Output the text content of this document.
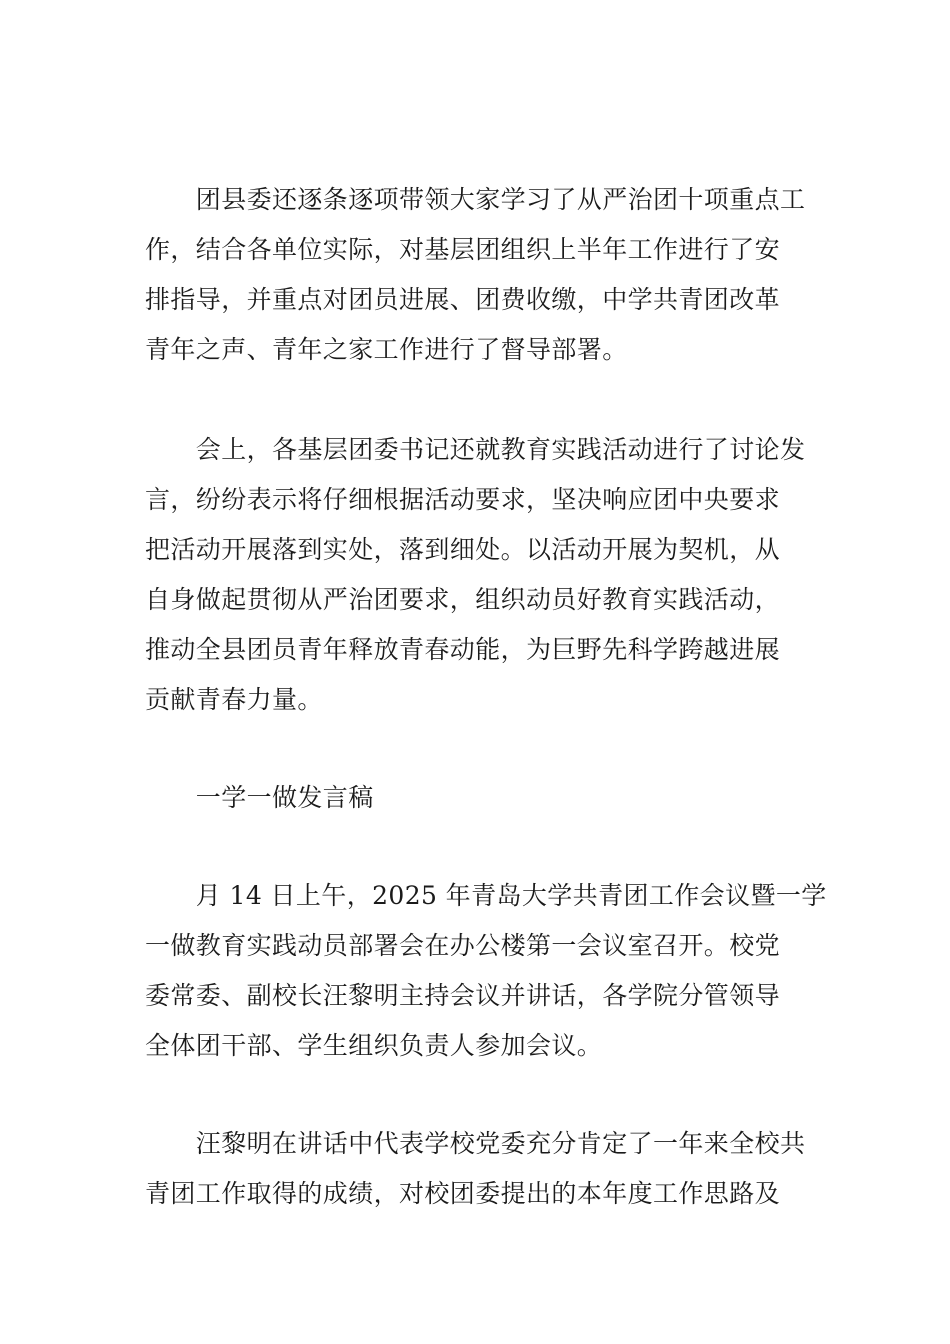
　　团县委还逐条逐项带领大家学习了从严治团十项重点工
作，结合各单位实际，对基层团组织上半年工作进行了安
排指导，并重点对团员进展、团费收缴，中学共青团改革
青年之声、青年之家工作进行了督导部署。

　　会上，各基层团委书记还就教育实践活动进行了讨论发
言，纷纷表示将仔细根据活动要求，坚决响应团中央要求
把活动开展落到实处，落到细处。以活动开展为契机，从
自身做起贯彻从严治团要求，组织动员好教育实践活动，
推动全县团员青年释放青春动能，为巨野先科学跨越进展
贡献青春力量。

　　一学一做发言稿

　　月 14 日上午，2025 年青岛大学共青团工作会议暨一学
一做教育实践动员部署会在办公楼第一会议室召开。校党
委常委、副校长汪黎明主持会议并讲话，各学院分管领导
全体团干部、学生组织负责人参加会议。

　　汪黎明在讲话中代表学校党委充分肯定了一年来全校共
青团工作取得的成绩，对校团委提出的本年度工作思路及
